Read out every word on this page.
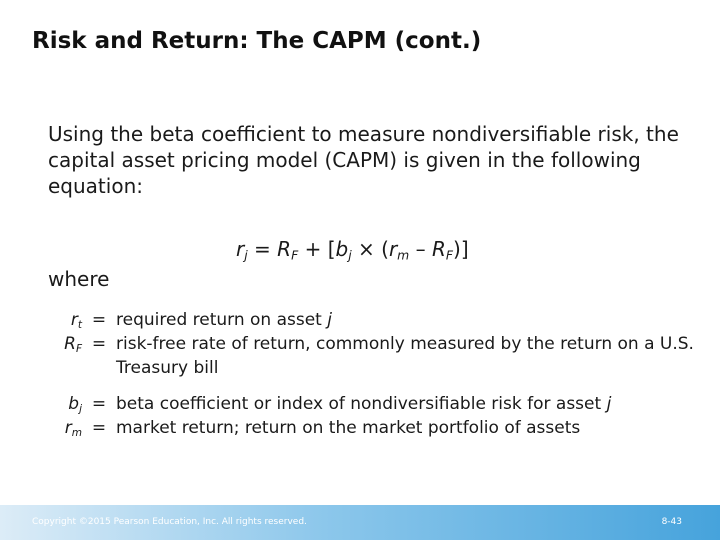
Risk and Return: The CAPM (cont.)

Using the beta coefficient to measure nondiversifiable risk, the capital asset pricing model (CAPM) is given in the following equation:

$r_j = R_F + [b_j \times (r_m - R_F)]$

where

$r_t$ = required return on asset j
$R_F$ = risk-free rate of return, commonly measured by the return on a U.S. Treasury bill
$b_j$ = beta coefficient or index of nondiversifiable risk for asset j
$r_m$ = market return; return on the market portfolio of assets
Copyright ©2015 Pearson Education, Inc. All rights reserved.	8-43
